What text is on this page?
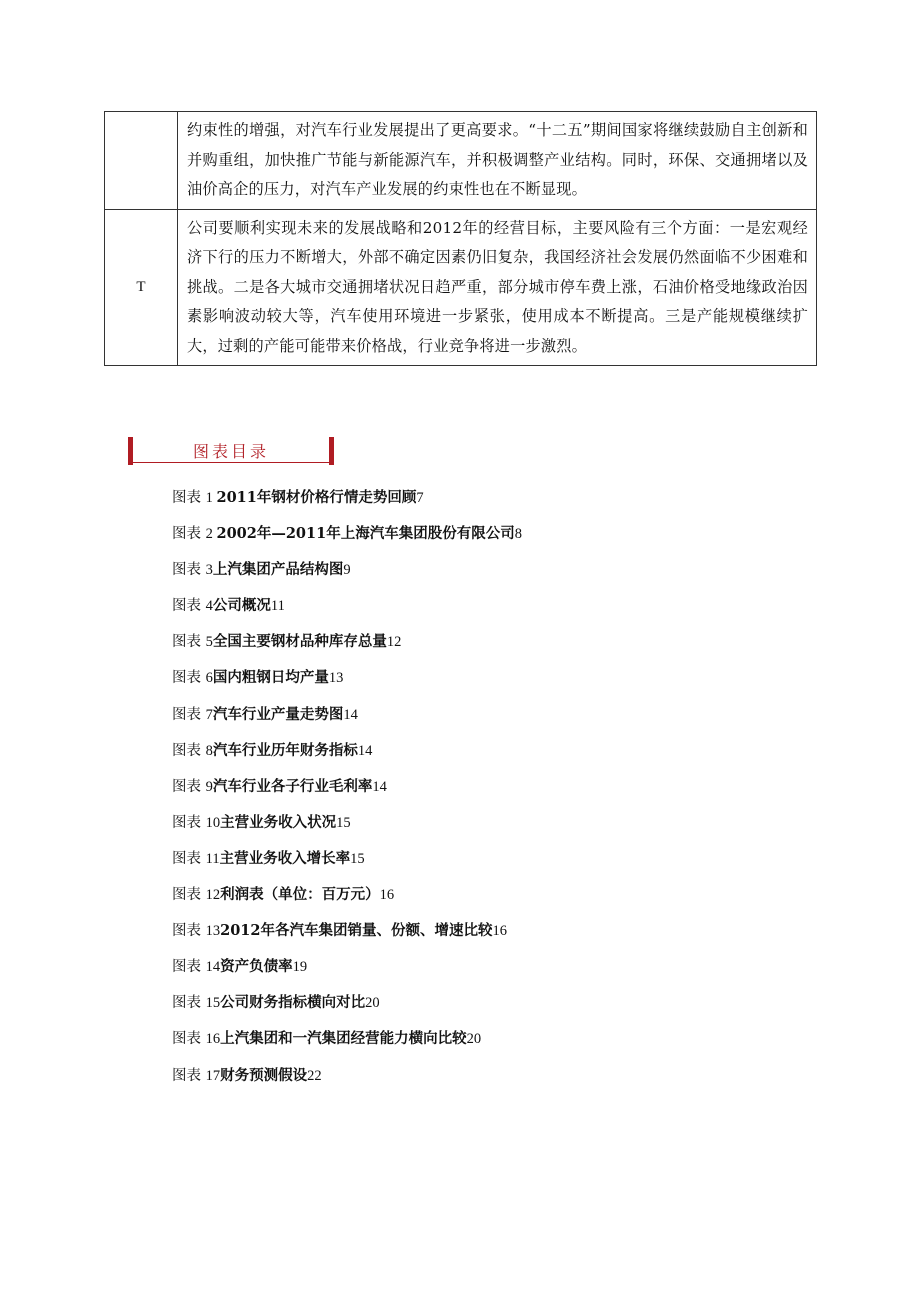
	约束性的增强，对汽车行业发展提出了更高要求。“十二五”期间国家将继续鼓励自主创新和并购重组，加快推广节能与新能源汽车，并积极调整产业结构。同时，环保、交通拥堵以及油价高企的压力，对汽车产业发展的约束性也在不断显现。
T	公司要顺利实现未来的发展战略和2012年的经营目标，主要风险有三个方面：一是宏观经济下行的压力不断增大，外部不确定因素仍旧复杂，我国经济社会发展仍然面临不少困难和挑战。二是各大城市交通拥堵状况日趋严重，部分城市停车费上涨，石油价格受地缘政治因素影响波动较大等，汽车使用环境进一步紧张，使用成本不断提高。三是产能规模继续扩大，过剩的产能可能带来价格战，行业竞争将进一步激烈。
图表目录
图表 1 2011年钢材价格行情走势回顾7
图表 2 2002年—2011年上海汽车集团股份有限公司8
图表 3上汽集团产品结构图9
图表 4公司概况11
图表 5全国主要钢材品种库存总量12
图表 6国内粗钢日均产量13
图表 7汽车行业产量走势图14
图表 8汽车行业历年财务指标14
图表 9汽车行业各子行业毛利率14
图表 10主营业务收入状况15
图表 11主营业务收入增长率15
图表 12利润表（单位：百万元）16
图表 132012年各汽车集团销量、份额、增速比较16
图表 14资产负债率19
图表 15公司财务指标横向对比20
图表 16上汽集团和一汽集团经营能力横向比较20
图表 17财务预测假设22
